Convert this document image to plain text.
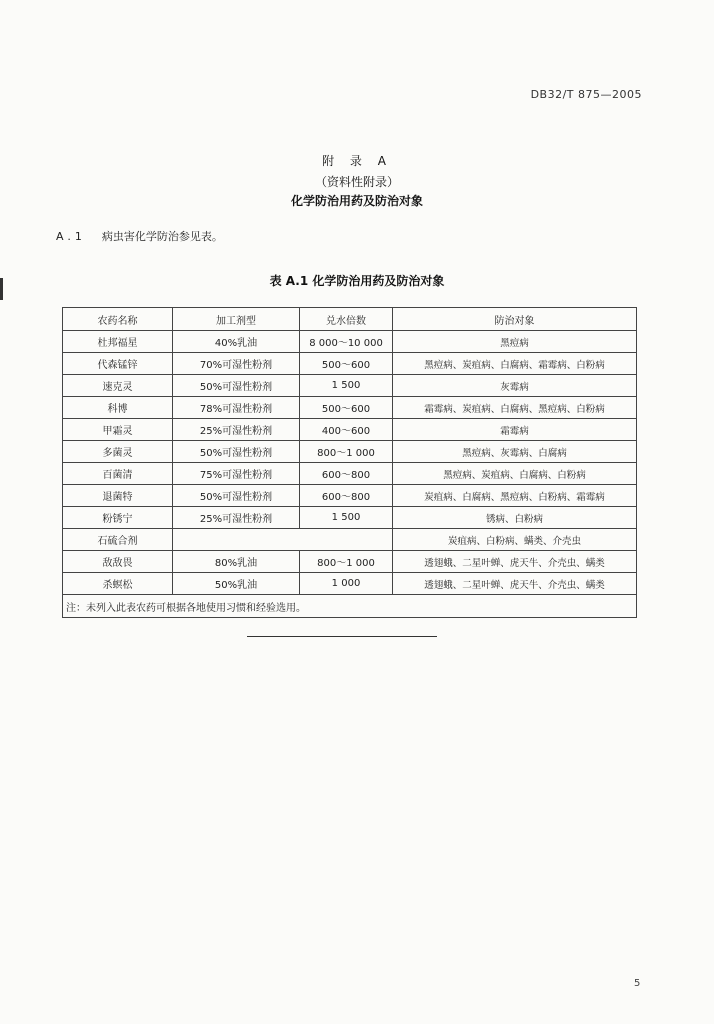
DB32/T 875—2005
附 录 A
（资料性附录）
化学防治用药及防治对象
A.1 病虫害化学防治参见表。
表 A.1 化学防治用药及防治对象
农药名称	加工剂型	兑水倍数	防治对象
杜邦福星	40%乳油	8 000～10 000	黑痘病
代森锰锌	70%可湿性粉剂	500～600	黑痘病、炭疽病、白腐病、霜霉病、白粉病
速克灵	50%可湿性粉剂	1 500	灰霉病
科博	78%可湿性粉剂	500～600	霜霉病、炭疽病、白腐病、黑痘病、白粉病
甲霜灵	25%可湿性粉剂	400～600	霜霉病
多菌灵	50%可湿性粉剂	800～1 000	黑痘病、灰霉病、白腐病
百菌清	75%可湿性粉剂	600～800	黑痘病、炭疽病、白腐病、白粉病
退菌特	50%可湿性粉剂	600～800	炭疽病、白腐病、黑痘病、白粉病、霜霉病
粉锈宁	25%可湿性粉剂	1 500	锈病、白粉病
石硫合剂			炭疽病、白粉病、螨类、介壳虫
敌敌畏	80%乳油	800～1 000	透翅蛾、二星叶蝉、虎天牛、介壳虫、螨类
杀螟松	50%乳油	1 000	透翅蛾、二星叶蝉、虎天牛、介壳虫、螨类
注：未列入此表农药可根据各地使用习惯和经验选用。			
5
